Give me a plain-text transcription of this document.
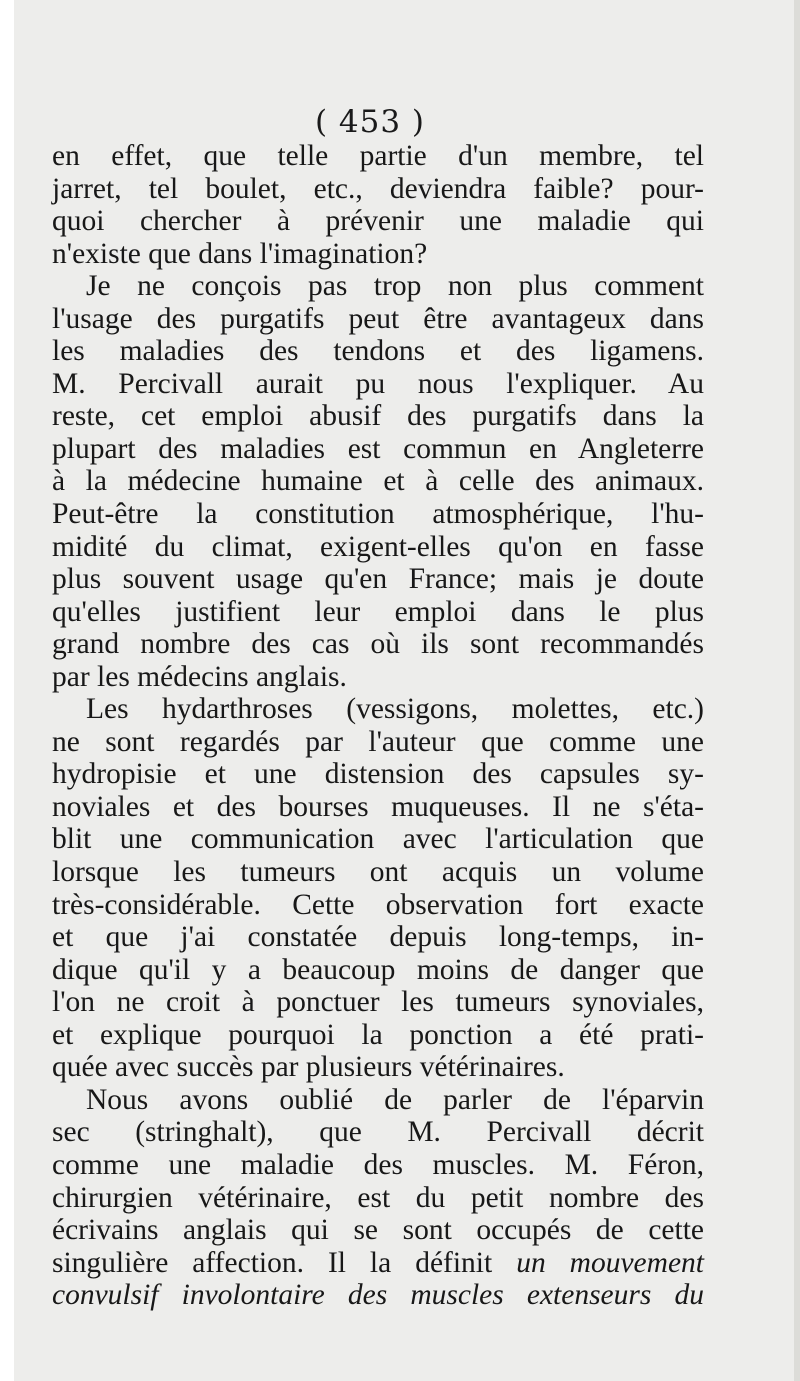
( 453 )
en effet, que telle partie d'un membre, tel
jarret, tel boulet, etc., deviendra faible? pour-
quoi chercher à prévenir une maladie qui
n'existe que dans l'imagination?
Je ne conçois pas trop non plus comment
l'usage des purgatifs peut être avantageux dans
les maladies des tendons et des ligamens.
M. Percivall aurait pu nous l'expliquer. Au
reste, cet emploi abusif des purgatifs dans la
plupart des maladies est commun en Angleterre
à la médecine humaine et à celle des animaux.
Peut-être la constitution atmosphérique, l'hu-
midité du climat, exigent-elles qu'on en fasse
plus souvent usage qu'en France; mais je doute
qu'elles justifient leur emploi dans le plus
grand nombre des cas où ils sont recommandés
par les médecins anglais.
Les hydarthroses (vessigons, molettes, etc.)
ne sont regardés par l'auteur que comme une
hydropisie et une distension des capsules sy-
noviales et des bourses muqueuses. Il ne s'éta-
blit une communication avec l'articulation que
lorsque les tumeurs ont acquis un volume
très-considérable. Cette observation fort exacte
et que j'ai constatée depuis long-temps, in-
dique qu'il y a beaucoup moins de danger que
l'on ne croit à ponctuer les tumeurs synoviales,
et explique pourquoi la ponction a été prati-
quée avec succès par plusieurs vétérinaires.
Nous avons oublié de parler de l'éparvin
sec (stringhalt), que M. Percivall décrit
comme une maladie des muscles. M. Féron,
chirurgien vétérinaire, est du petit nombre des
écrivains anglais qui se sont occupés de cette
singulière affection. Il la définit un mouvement
convulsif involontaire des muscles extenseurs du
